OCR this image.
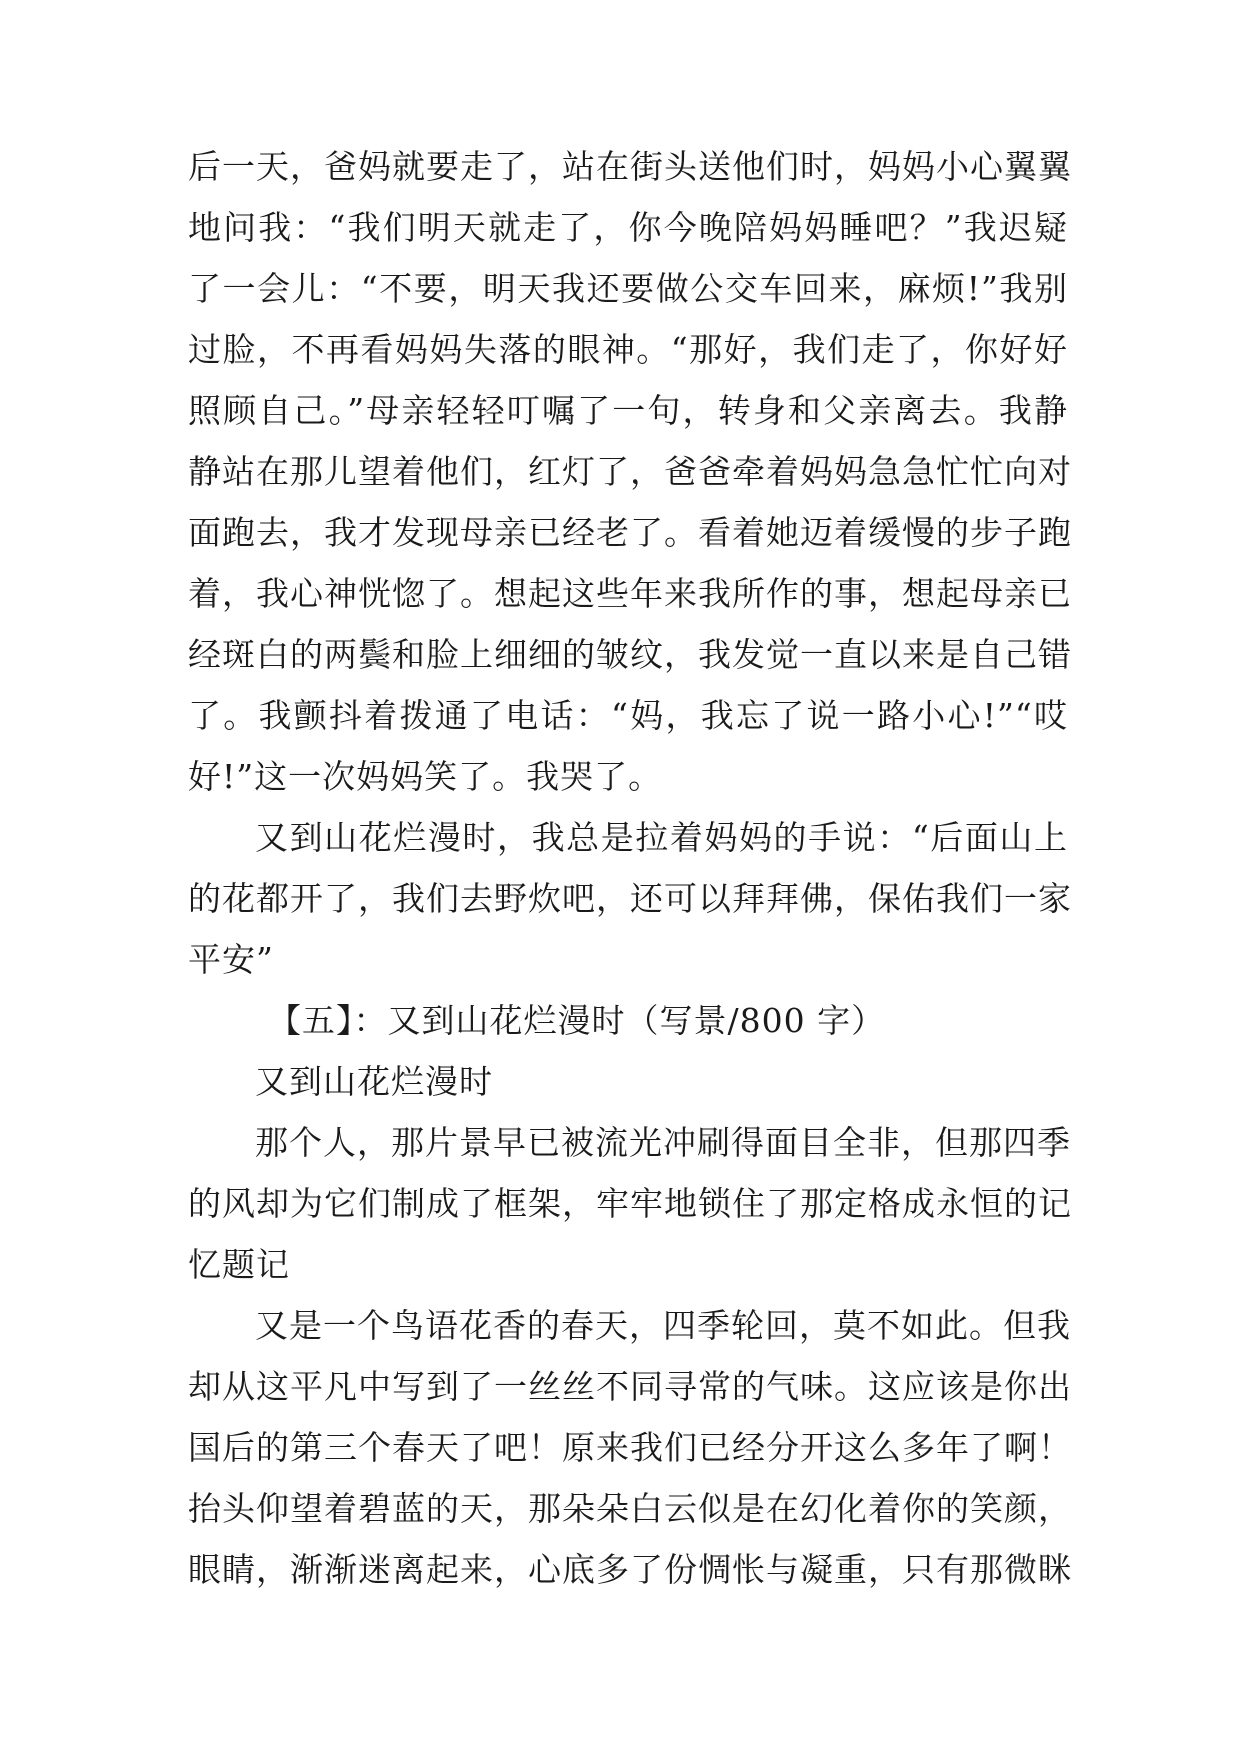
后一天，爸妈就要走了，站在街头送他们时，妈妈小心翼翼
地问我：“我们明天就走了，你今晚陪妈妈睡吧？”我迟疑
了一会儿：“不要，明天我还要做公交车回来，麻烦!”我别
过脸，不再看妈妈失落的眼神。“那好，我们走了，你好好
照顾自己。”母亲轻轻叮嘱了一句，转身和父亲离去。我静
静站在那儿望着他们，红灯了，爸爸牵着妈妈急急忙忙向对
面跑去，我才发现母亲已经老了。看着她迈着缓慢的步子跑
着，我心神恍惚了。想起这些年来我所作的事，想起母亲已
经斑白的两鬓和脸上细细的皱纹，我发觉一直以来是自己错
了。我颤抖着拨通了电话：“妈，我忘了说一路小心!”“哎
好!”这一次妈妈笑了。我哭了。
又到山花烂漫时，我总是拉着妈妈的手说：“后面山上
的花都开了，我们去野炊吧，还可以拜拜佛，保佑我们一家
平安”
【五】：又到山花烂漫时（写景/800 字）
又到山花烂漫时
那个人，那片景早已被流光冲刷得面目全非，但那四季
的风却为它们制成了框架，牢牢地锁住了那定格成永恒的记
忆题记
又是一个鸟语花香的春天，四季轮回，莫不如此。但我
却从这平凡中写到了一丝丝不同寻常的气味。这应该是你出
国后的第三个春天了吧！原来我们已经分开这么多年了啊！
抬头仰望着碧蓝的天，那朵朵白云似是在幻化着你的笑颜，
眼睛，渐渐迷离起来，心底多了份惆怅与凝重，只有那微眯
